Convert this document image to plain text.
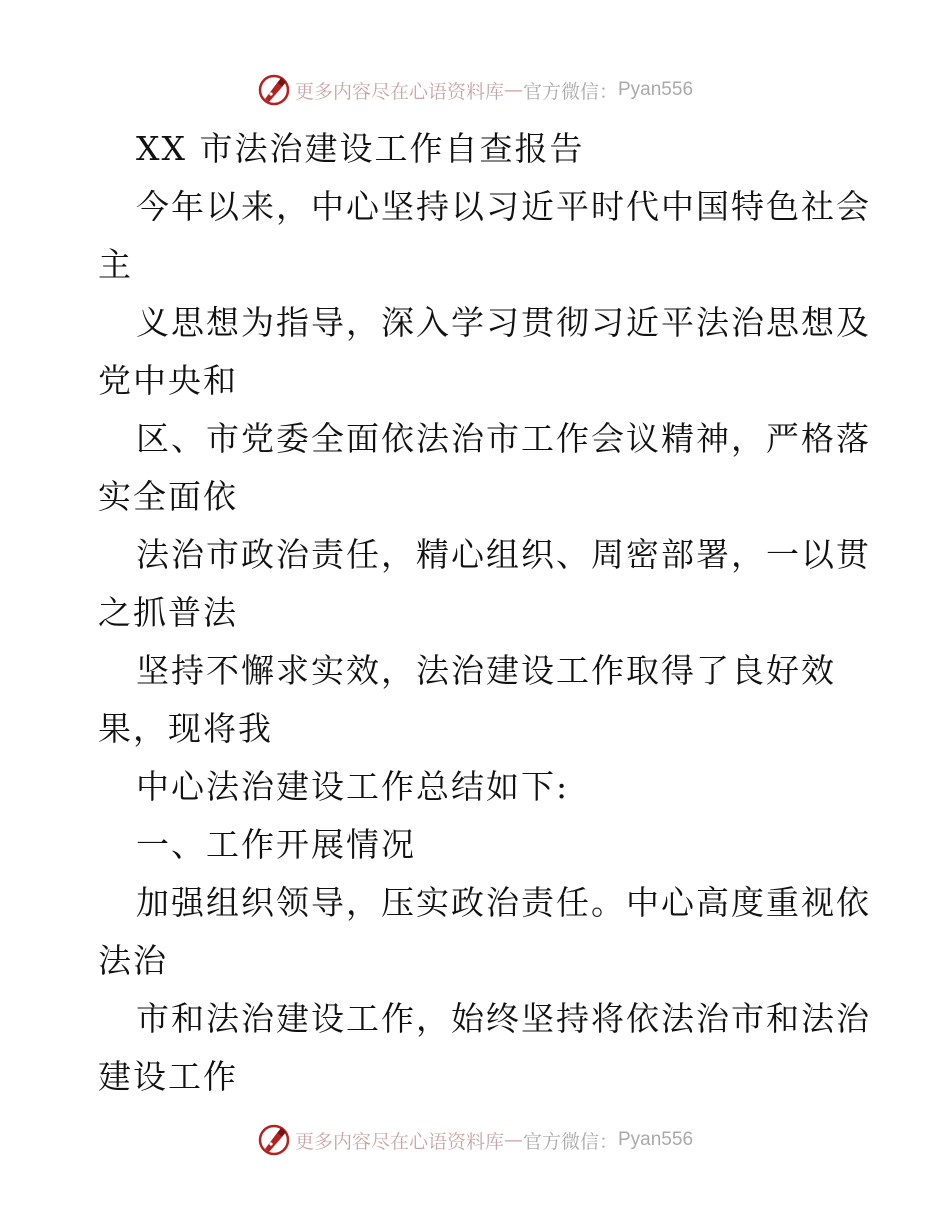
更多内容尽在心语资料库 — 官方微信： Pyan556
XX 市法治建设工作自查报告
今年以来，中心坚持以习近平时代中国特色社会
主
义思想为指导，深入学习贯彻习近平法治思想及
党中央和
区、市党委全面依法治市工作会议精神，严格落
实全面依
法治市政治责任，精心组织、周密部署，一以贯
之抓普法
坚持不懈求实效，法治建设工作取得了良好效
果，现将我
中心法治建设工作总结如下:
一、工作开展情况
加强组织领导，压实政治责任。中心高度重视依
法治
市和法治建设工作，始终坚持将依法治市和法治
建设工作
更多内容尽在心语资料库 — 官方微信： Pyan556
